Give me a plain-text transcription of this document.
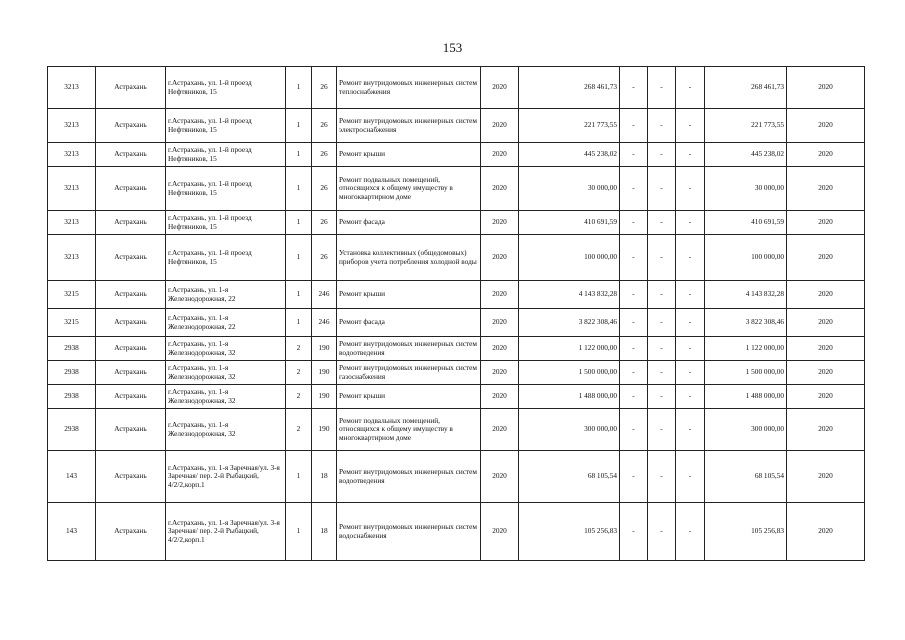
153
3213	Астрахань	г.Астрахань, ул. 1-й проезд Нефтяников, 15	1	26	Ремонт внутридомовых инженерных систем теплоснабжения	2020	268 461,73	-	-	-	268 461,73	2020
3213	Астрахань	г.Астрахань, ул. 1-й проезд Нефтяников, 15	1	26	Ремонт внутридомовых инженерных систем электроснабжения	2020	221 773,55	-	-	-	221 773,55	2020
3213	Астрахань	г.Астрахань, ул. 1-й проезд Нефтяников, 15	1	26	Ремонт крыши	2020	445 238,02	-	-	-	445 238,02	2020
3213	Астрахань	г.Астрахань, ул. 1-й проезд Нефтяников, 15	1	26	Ремонт подвальных помещений, относящихся к общему имуществу в многоквартирном доме	2020	30 000,00	-	-	-	30 000,00	2020
3213	Астрахань	г.Астрахань, ул. 1-й проезд Нефтяников, 15	1	26	Ремонт фасада	2020	410 691,59	-	-	-	410 691,59	2020
3213	Астрахань	г.Астрахань, ул. 1-й проезд Нефтяников, 15	1	26	Установка коллективных (общедомовых) приборов учета потребления холодной воды	2020	100 000,00	-	-	-	100 000,00	2020
3215	Астрахань	г.Астрахань, ул. 1-я Железнодорожная, 22	1	246	Ремонт крыши	2020	4 143 832,28	-	-	-	4 143 832,28	2020
3215	Астрахань	г.Астрахань, ул. 1-я Железнодорожная, 22	1	246	Ремонт фасада	2020	3 822 308,46	-	-	-	3 822 308,46	2020
2938	Астрахань	г.Астрахань, ул. 1-я Железнодорожная, 32	2	190	Ремонт внутридомовых инженерных систем водоотведения	2020	1 122 000,00	-	-	-	1 122 000,00	2020
2938	Астрахань	г.Астрахань, ул. 1-я Железнодорожная, 32	2	190	Ремонт внутридомовых инженерных систем газоснабжения	2020	1 500 000,00	-	-	-	1 500 000,00	2020
2938	Астрахань	г.Астрахань, ул. 1-я Железнодорожная, 32	2	190	Ремонт крыши	2020	1 488 000,00	-	-	-	1 488 000,00	2020
2938	Астрахань	г.Астрахань, ул. 1-я Железнодорожная, 32	2	190	Ремонт подвальных помещений, относящихся к общему имуществу в многоквартирном доме	2020	300 000,00	-	-	-	300 000,00	2020
143	Астрахань	г.Астрахань, ул. 1-я Заречная/ул. 3-я Заречная/ пер. 2-й Рыбацкий, 4/2/2,корп.1	1	18	Ремонт внутридомовых инженерных систем водоотведения	2020	68 105,54	-	-	-	68 105,54	2020
143	Астрахань	г.Астрахань, ул. 1-я Заречная/ул. 3-я Заречная/ пер. 2-й Рыбацкий, 4/2/2,корп.1	1	18	Ремонт внутридомовых инженерных систем водоснабжения	2020	105 256,83	-	-	-	105 256,83	2020
